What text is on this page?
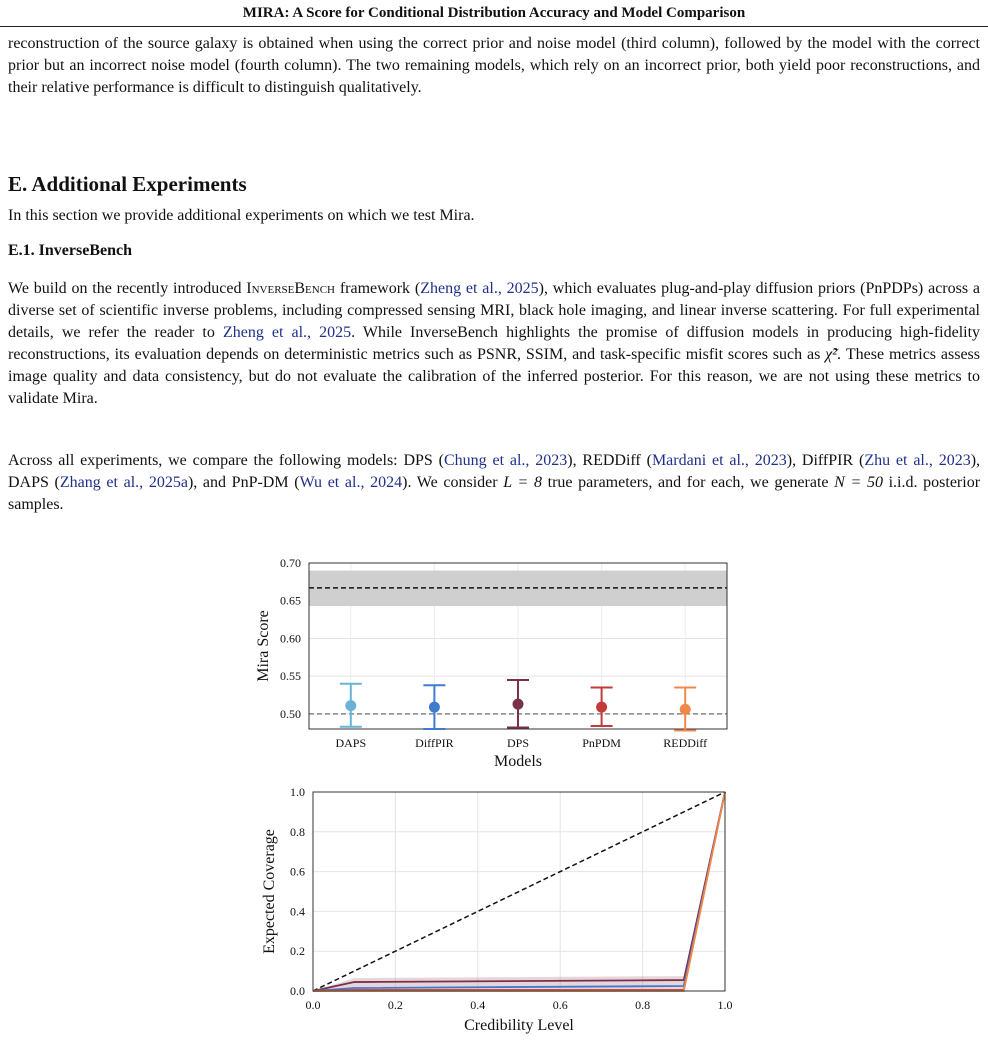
MIRA: A Score for Conditional Distribution Accuracy and Model Comparison

reconstruction of the source galaxy is obtained when using the correct prior and noise model (third column), followed by the model with the correct prior but an incorrect noise model (fourth column). The two remaining models, which rely on an incorrect prior, both yield poor reconstructions, and their relative performance is difficult to distinguish qualitatively.

E. Additional Experiments

In this section we provide additional experiments on which we test Mira.

E.1. InverseBench

We build on the recently introduced InverseBench framework (Zheng et al., 2025), which evaluates plug-and-play diffusion priors (PnPDPs) across a diverse set of scientific inverse problems, including compressed sensing MRI, black hole imaging, and linear inverse scattering. For full experimental details, we refer the reader to Zheng et al., 2025. While InverseBench highlights the promise of diffusion models in producing high-fidelity reconstructions, its evaluation depends on deterministic metrics such as PSNR, SSIM, and task-specific misfit scores such as χ̃². These metrics assess image quality and data consistency, but do not evaluate the calibration of the inferred posterior. For this reason, we are not using these metrics to validate Mira.

Across all experiments, we compare the following models: DPS (Chung et al., 2023), REDDiff (Mardani et al., 2023), DiffPIR (Zhu et al., 2023), DAPS (Zhang et al., 2025a), and PnP-DM (Wu et al., 2024). We consider L = 8 true parameters, and for each, we generate N = 50 i.i.d. posterior samples.

0.50
0.55
0.60
0.65
0.70
DAPS	DiffPIR	DPS	PnPDM	REDDiff
Models
Mira Score
0.0
0.2
0.4
0.6
0.8
1.0
0.0	0.2	0.4	0.6	0.8	1.0
Credibility Level
Expected Coverage
